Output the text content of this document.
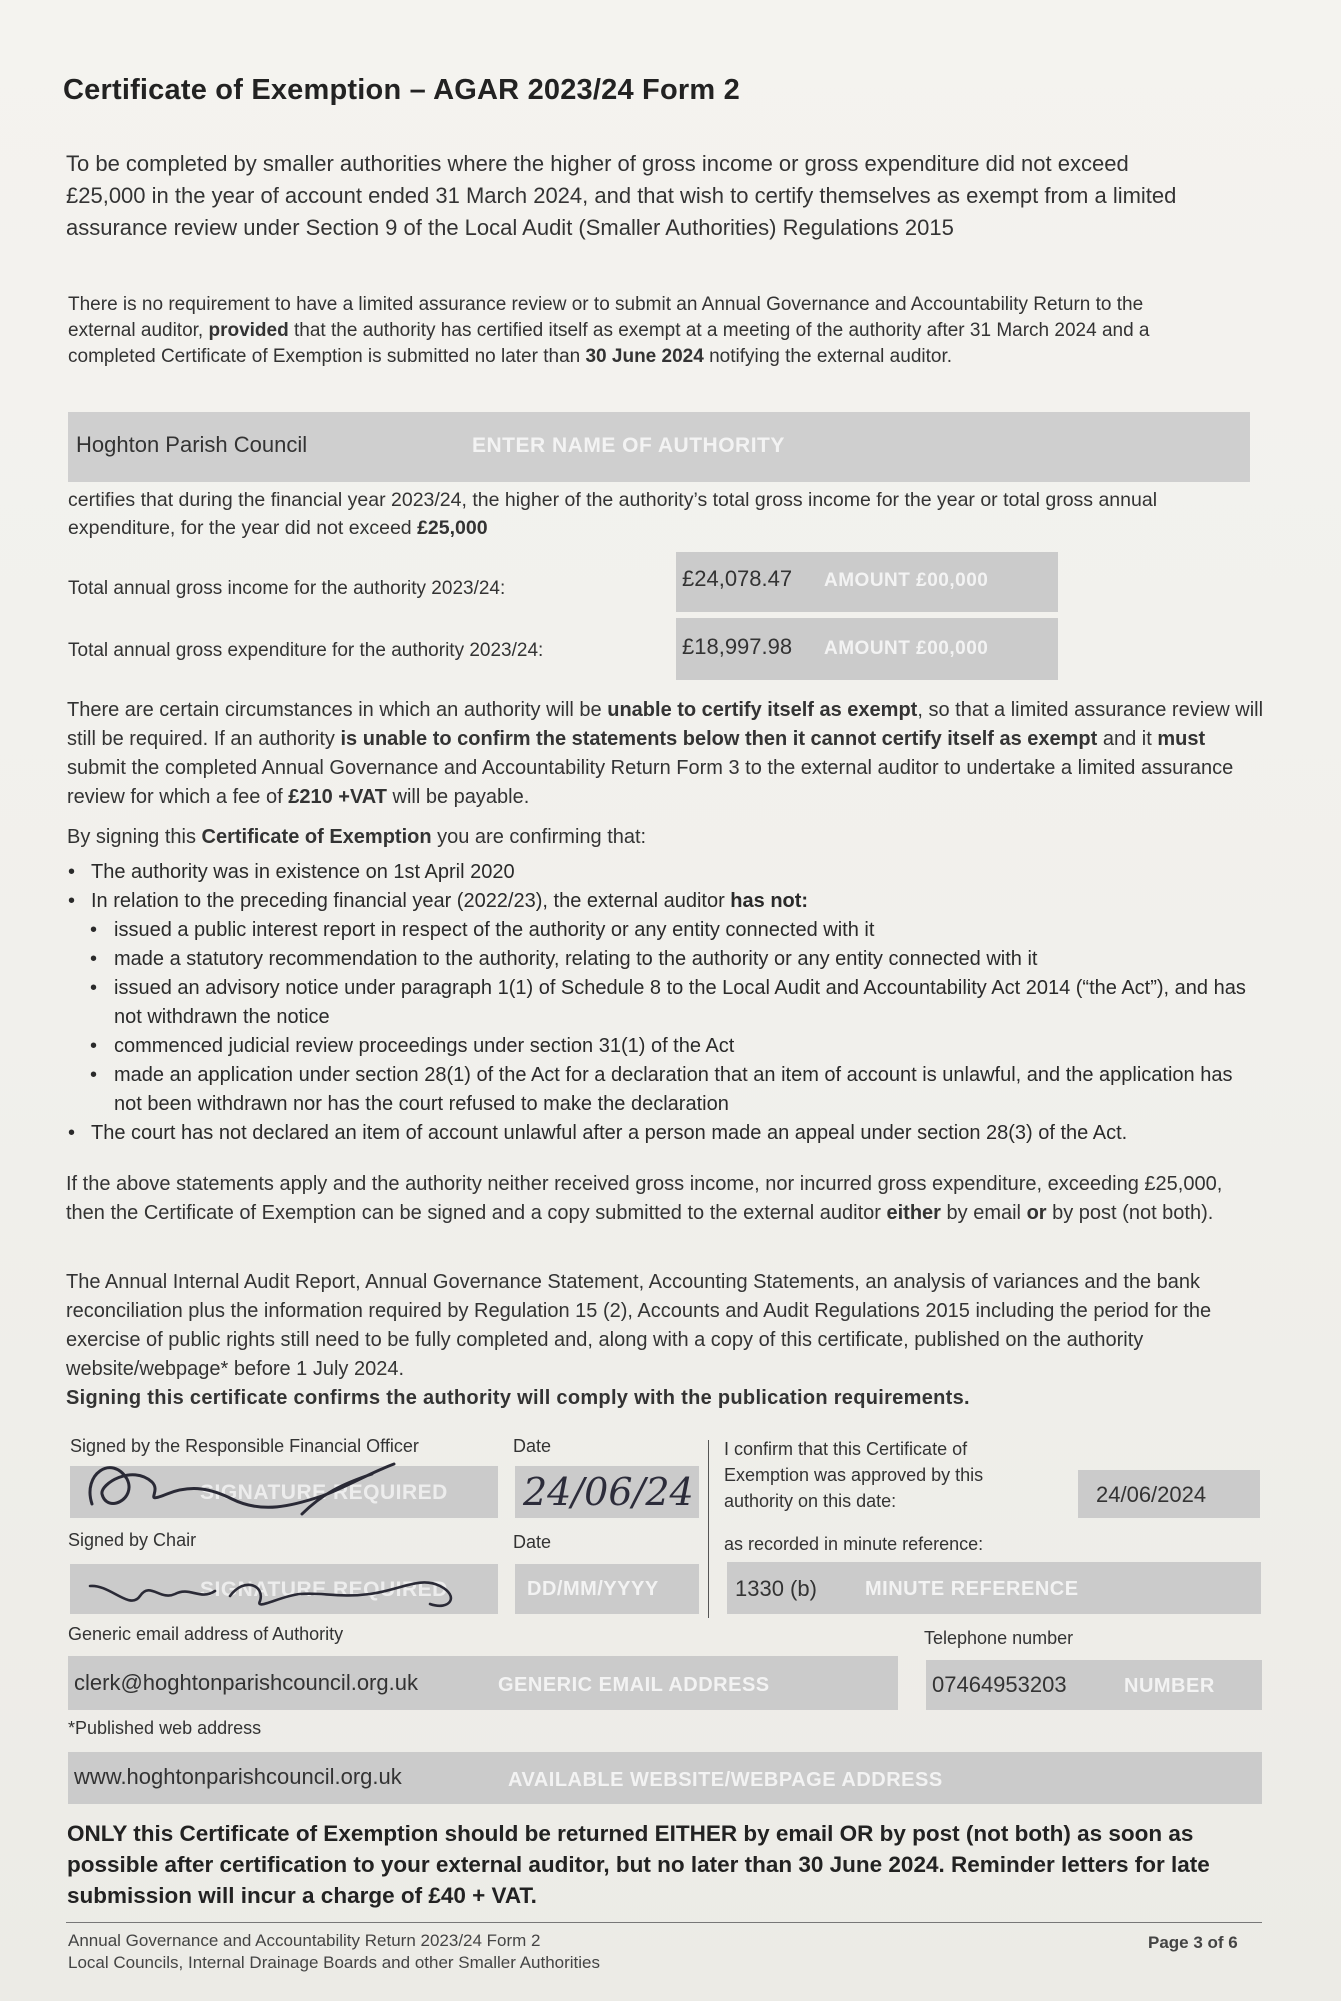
Certificate of Exemption – AGAR 2023/24 Form 2
To be completed by smaller authorities where the higher of gross income or gross expenditure did not exceed £25,000 in the year of account ended 31 March 2024, and that wish to certify themselves as exempt from a limited assurance review under Section 9 of the Local Audit (Smaller Authorities) Regulations 2015
There is no requirement to have a limited assurance review or to submit an Annual Governance and Accountability Return to the external auditor, provided that the authority has certified itself as exempt at a meeting of the authority after 31 March 2024 and a completed Certificate of Exemption is submitted no later than 30 June 2024 notifying the external auditor.
Hoghton Parish Council	ENTER NAME OF AUTHORITY
certifies that during the financial year 2023/24, the higher of the authority’s total gross income for the year or total gross annual expenditure, for the year did not exceed £25,000
Total annual gross income for the authority 2023/24:	£24,078.47 AMOUNT £00,000
Total annual gross expenditure for the authority 2023/24:	£18,997.98 AMOUNT £00,000
There are certain circumstances in which an authority will be unable to certify itself as exempt, so that a limited assurance review will still be required. If an authority is unable to confirm the statements below then it cannot certify itself as exempt and it must submit the completed Annual Governance and Accountability Return Form 3 to the external auditor to undertake a limited assurance review for which a fee of £210 +VAT will be payable.
By signing this Certificate of Exemption you are confirming that:
• The authority was in existence on 1st April 2020
• In relation to the preceding financial year (2022/23), the external auditor has not:
• issued a public interest report in respect of the authority or any entity connected with it
• made a statutory recommendation to the authority, relating to the authority or any entity connected with it
• issued an advisory notice under paragraph 1(1) of Schedule 8 to the Local Audit and Accountability Act 2014 (“the Act”), and has not withdrawn the notice
• commenced judicial review proceedings under section 31(1) of the Act
• made an application under section 28(1) of the Act for a declaration that an item of account is unlawful, and the application has not been withdrawn nor has the court refused to make the declaration
• The court has not declared an item of account unlawful after a person made an appeal under section 28(3) of the Act.
If the above statements apply and the authority neither received gross income, nor incurred gross expenditure, exceeding £25,000, then the Certificate of Exemption can be signed and a copy submitted to the external auditor either by email or by post (not both).
The Annual Internal Audit Report, Annual Governance Statement, Accounting Statements, an analysis of variances and the bank reconciliation plus the information required by Regulation 15 (2), Accounts and Audit Regulations 2015 including the period for the exercise of public rights still need to be fully completed and, along with a copy of this certificate, published on the authority website/webpage* before 1 July 2024.
Signing this certificate confirms the authority will comply with the publication requirements.
Signed by the Responsible Financial Officer
SIGNATURE REQUIRED
Date
24/06/24
I confirm that this Certificate of Exemption was approved by this authority on this date:	24/06/2024
Signed by Chair
SIGNATURE REQUIRED
Date
DD/MM/YYYY
as recorded in minute reference:
1330 (b) MINUTE REFERENCE
Generic email address of Authority
clerk@hoghtonparishcouncil.org.uk	GENERIC EMAIL ADDRESS
Telephone number
07464953203	NUMBER
*Published web address
www.hoghtonparishcouncil.org.uk	AVAILABLE WEBSITE/WEBPAGE ADDRESS
ONLY this Certificate of Exemption should be returned EITHER by email OR by post (not both) as soon as possible after certification to your external auditor, but no later than 30 June 2024. Reminder letters for late submission will incur a charge of £40 + VAT.
Annual Governance and Accountability Return 2023/24 Form 2
Local Councils, Internal Drainage Boards and other Smaller Authorities
Page 3 of 6
